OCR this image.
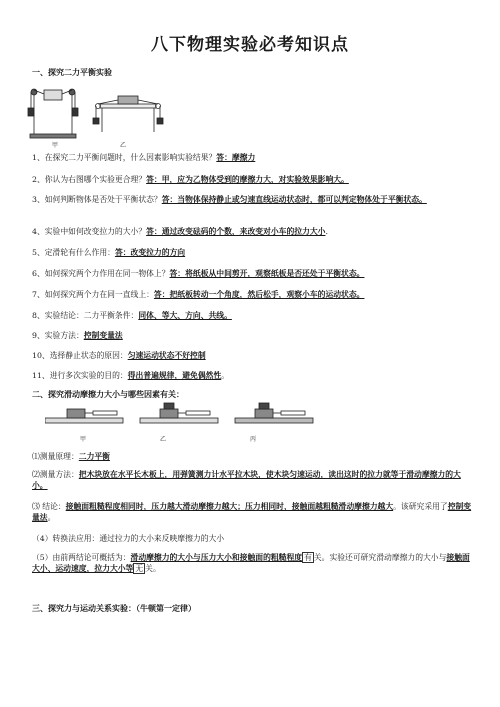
八下物理实验必考知识点
一、探究二力平衡实验
甲	乙
1、在探究二力平衡问题时，什么因素影响实验结果？答：摩擦力
2、你认为右图哪个实验更合理？答：甲，应为乙物体受到的摩擦力大，对实验效果影响大。
3、如何判断物体是否处于平衡状态？答：当物体保持静止或匀速直线运动状态时，都可以判定物体处于平衡状态。
4、实验中如何改变拉力的大小？答：通过改变砝码的个数，来改变对小车的拉力大小.
5、定滑轮有什么作用：答：改变拉力的方向
6、如何探究两个力作用在同一物体上？答：将纸板从中间剪开，观察纸板是否还处于平衡状态。
7、如何探究两个力在同一直线上：答：把纸板转动一个角度，然后松手，观察小车的运动状态。
8、实验结论：二力平衡条件：同体、等大、方向、共线。
9、实验方法：控制变量法
10、选择静止状态的原因：匀速运动状态不好控制
11、进行多次实验的目的：得出普遍规律，避免偶然性。
二、探究滑动摩擦力大小与哪些因素有关：
甲	乙	丙
⑴测量原理：二力平衡
⑵测量方法：把木块放在水平长木板上，用弹簧测力计水平拉木块，使木块匀速运动，读出这时的拉力就等于滑动摩擦力的大小。
⑶ 结论：接触面粗糙程度相同时，压力越大滑动摩擦力越大；压力相同时，接触面越粗糙滑动摩擦力越大。该研究采用了控制变量法。
（4）转换法应用：通过拉力的大小来反映摩擦力的大小
（5）由前两结论可概括为：滑动摩擦力的大小与压力大小和接触面的粗糙程度 有 关。实验还可研究滑动摩擦力的大小与接触面大小、运动速度，拉力大小等 无 关。
三、探究力与运动关系实验：（牛顿第一定律）
